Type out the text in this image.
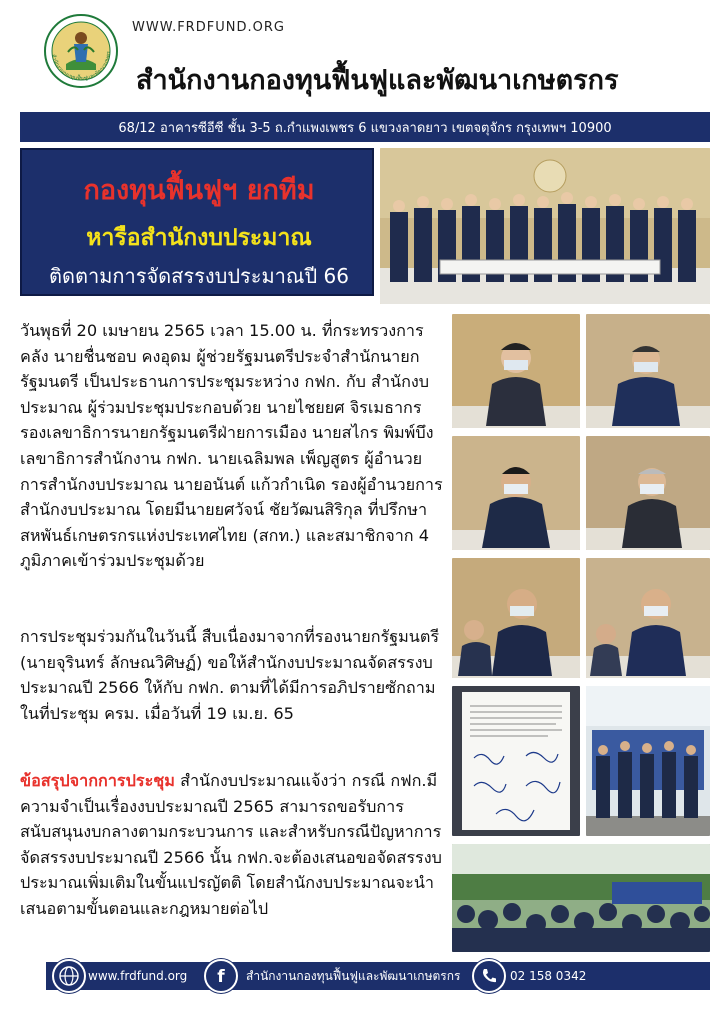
สำนักงานกองทุนฟื้นฟูและพัฒนาเกษตร
WWW.FRDFUND.ORG
สำนักงานกองทุนฟื้นฟูและพัฒนาเกษตรกร
68/12 อาคารซีอีซี ชั้น 3-5 ถ.กำแพงเพชร 6 แขวงลาดยาว เขตจตุจักร กรุงเทพฯ 10900
กองทุนฟื้นฟูฯ ยกทีม
หารือสำนักงบประมาณ
ติดตามการจัดสรรงบประมาณปี 66
วันพุธที่ 20 เมษายน 2565 เวลา 15.00 น. ที่กระทรวงการคลัง นายชื่นชอบ คงอุดม ผู้ช่วยรัฐมนตรีประจำสำนักนายกรัฐมนตรี เป็นประธานการประชุมระหว่าง กฟก. กับ สำนักงบประมาณ ผู้ร่วมประชุมประกอบด้วย นายไชยยศ จิรเมธากร รองเลขาธิการนายกรัฐมนตรีฝ่ายการเมือง นายสไกร พิมพ์บึง เลขาธิการสำนักงาน กฟก. นายเฉลิมพล เพ็ญสูตร ผู้อำนวยการสำนักงบประมาณ นายอนันต์ แก้วกำเนิด รองผู้อำนวยการสำนักงบประมาณ โดยมีนายยศวัจน์ ชัยวัฒนสิริกุล ที่ปรึกษาสหพันธ์เกษตรกรแห่งประเทศไทย (สกท.) และสมาชิกจาก 4 ภูมิภาคเข้าร่วมประชุมด้วย
การประชุมร่วมกันในวันนี้ สืบเนื่องมาจากที่รองนายกรัฐมนตรี (นายจุรินทร์ ลักษณวิศิษฏ์) ขอให้สำนักงบประมาณจัดสรรงบประมาณปี 2566 ให้กับ กฟก. ตามที่ได้มีการอภิปรายซักถามในที่ประชุม ครม. เมื่อวันที่ 19 เม.ย. 65
ข้อสรุปจากการประชุม สำนักงบประมาณแจ้งว่า กรณี กฟก.มีความจำเป็นเรื่องงบประมาณปี 2565 สามารถขอรับการสนับสนุนงบกลางตามกระบวนการ และสำหรับกรณีปัญหาการจัดสรรงบประมาณปี 2566 นั้น กฟก.จะต้องเสนอขอจัดสรรงบประมาณเพิ่มเติมในขั้นแปรญัตติ โดยสำนักงบประมาณจะนำเสนอตามขั้นตอนและกฎหมายต่อไป
www.frdfund.org	สำนักงานกองทุนฟื้นฟูและพัฒนาเกษตรกร	02 158 0342
f
